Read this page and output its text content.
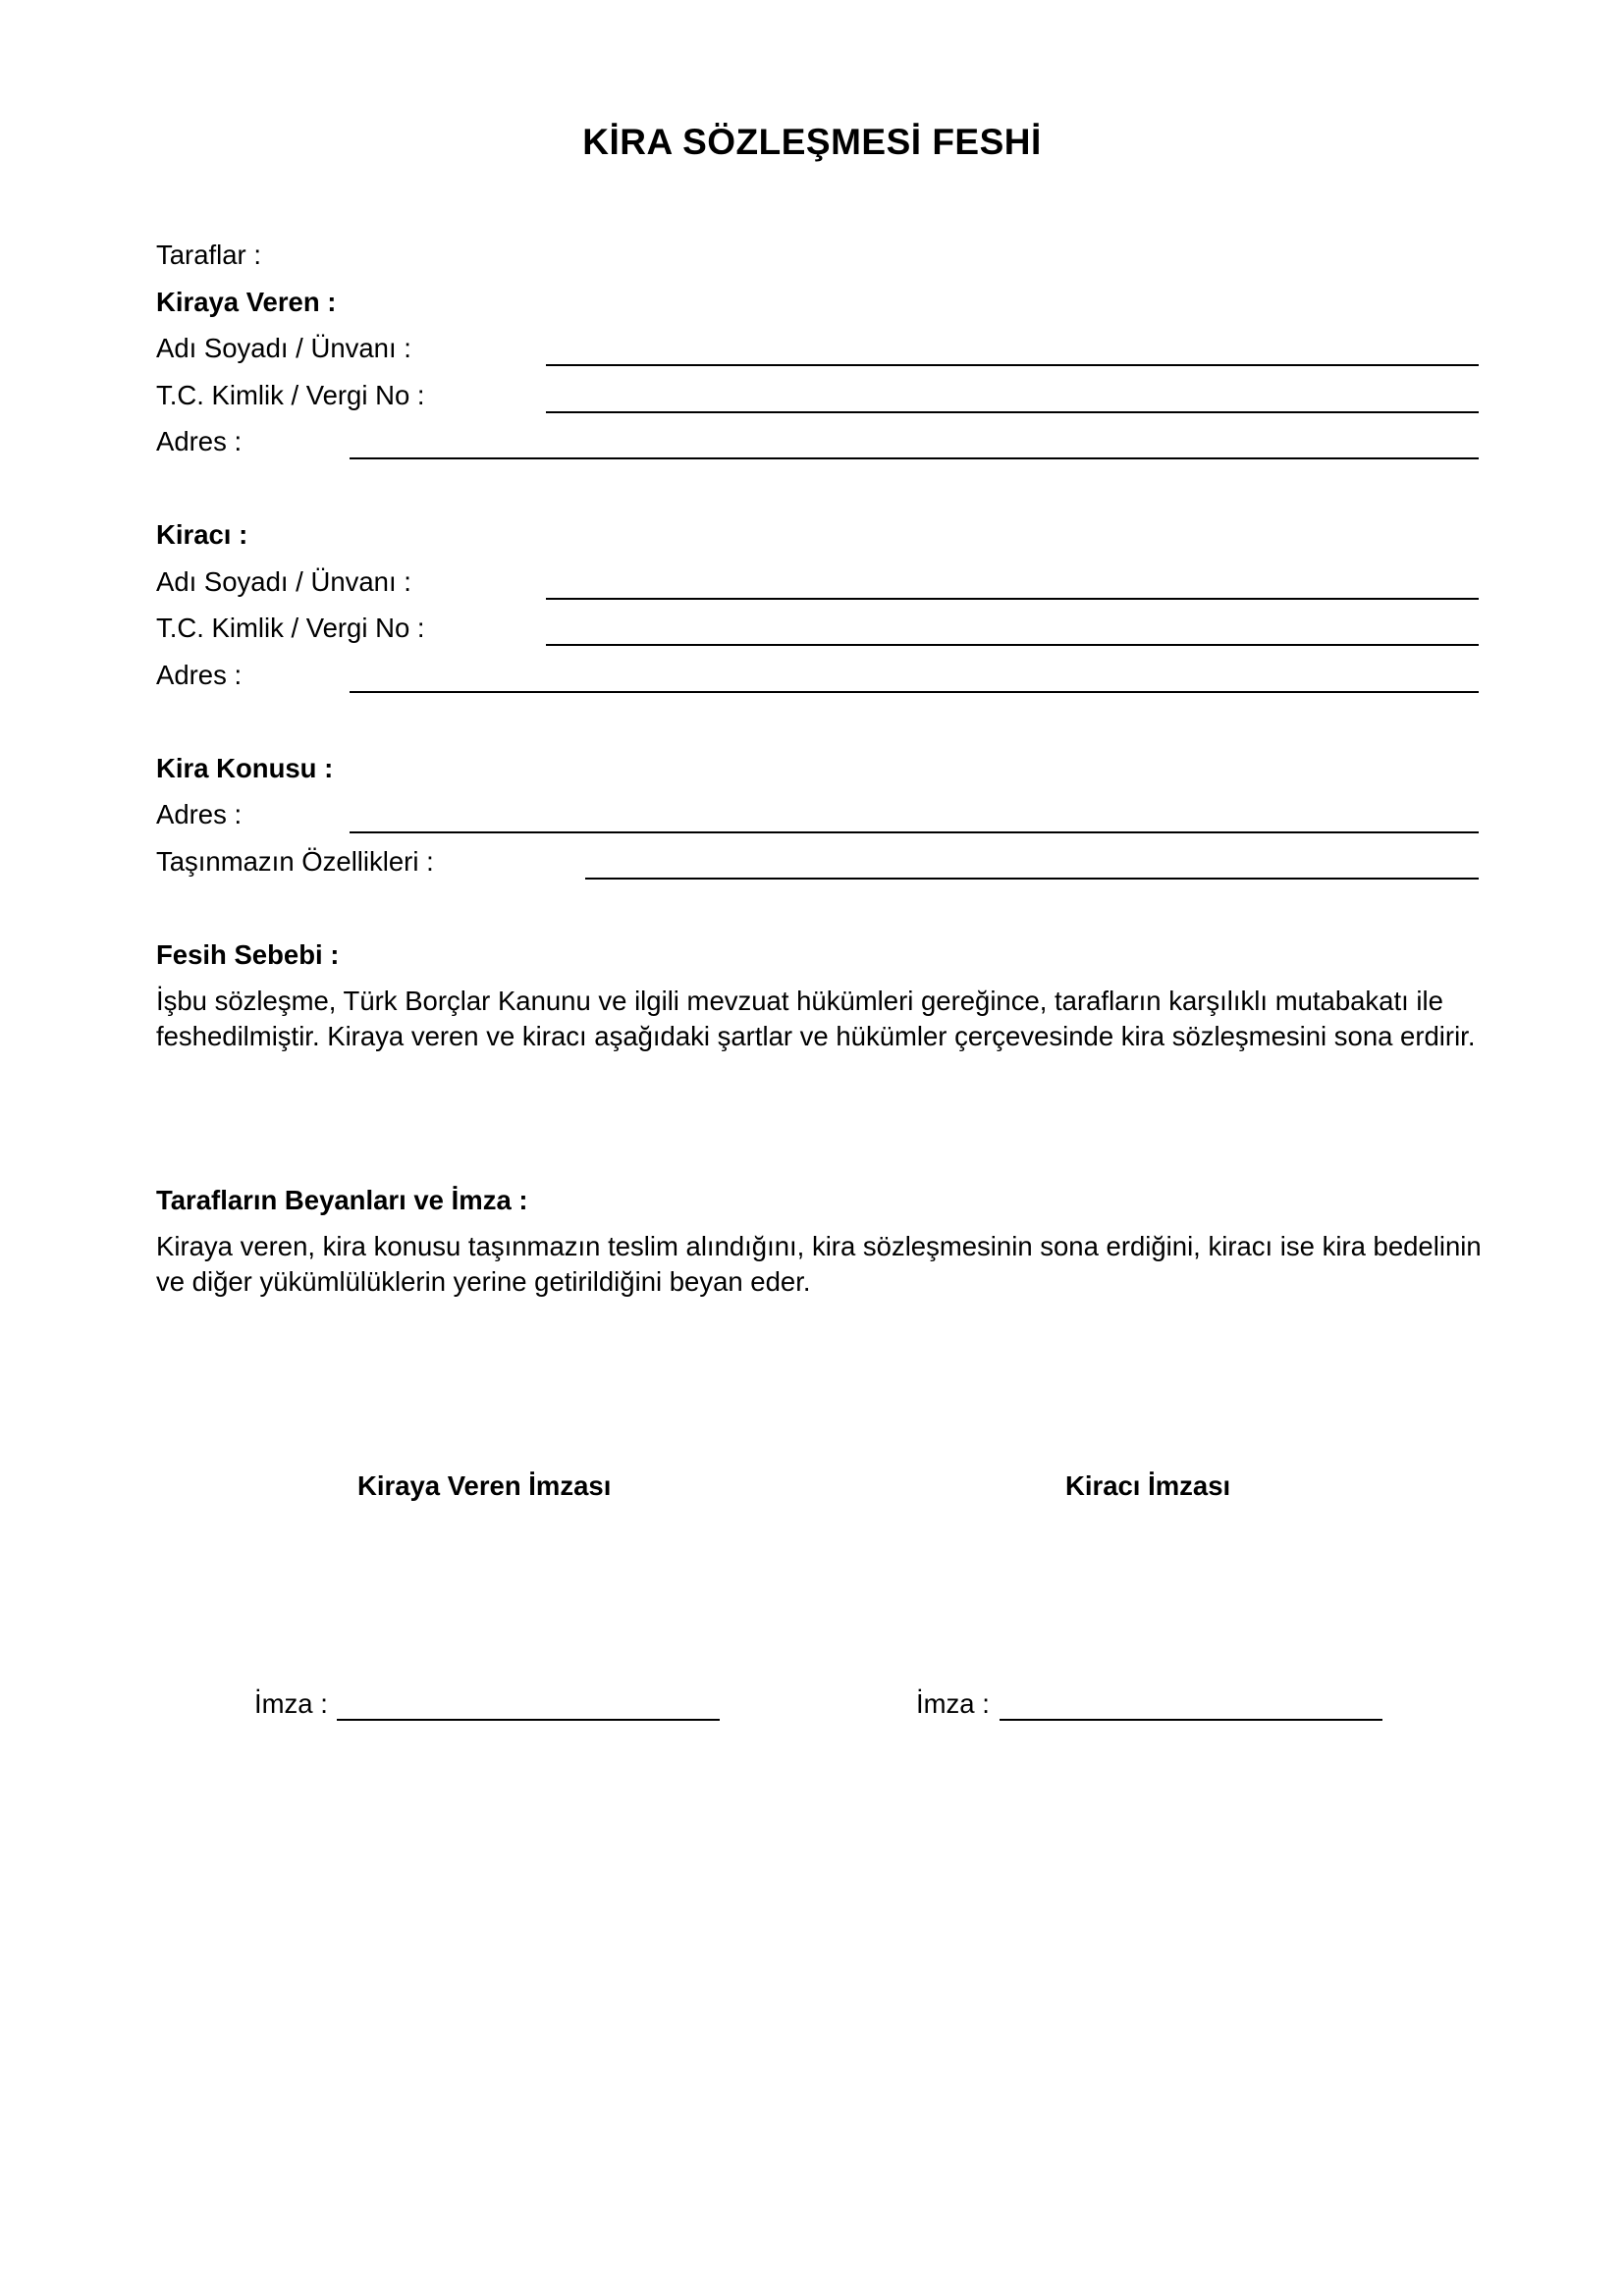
KİRA SÖZLEŞMESİ FESHİ
Taraflar :
Kiraya Veren :
Adı Soyadı / Ünvanı :
T.C. Kimlik / Vergi No :
Adres :
Kiracı :
Adı Soyadı / Ünvanı :
T.C. Kimlik / Vergi No :
Adres :
Kira Konusu :
Adres :
Taşınmazın Özellikleri :
Fesih Sebebi :
İşbu sözleşme, Türk Borçlar Kanunu ve ilgili mevzuat hükümleri gereğince, tarafların karşılıklı mutabakatı ile feshedilmiştir. Kiraya veren ve kiracı aşağıdaki şartlar ve hükümler çerçevesinde kira sözleşmesini sona erdirir.
Tarafların Beyanları ve İmza :
Kiraya veren, kira konusu taşınmazın teslim alındığını, kira sözleşmesinin sona erdiğini, kiracı ise kira bedelinin ve diğer yükümlülüklerin yerine getirildiğini beyan eder.
Kiraya Veren İmzası	Kiracı İmzası
İmza :	İmza :
